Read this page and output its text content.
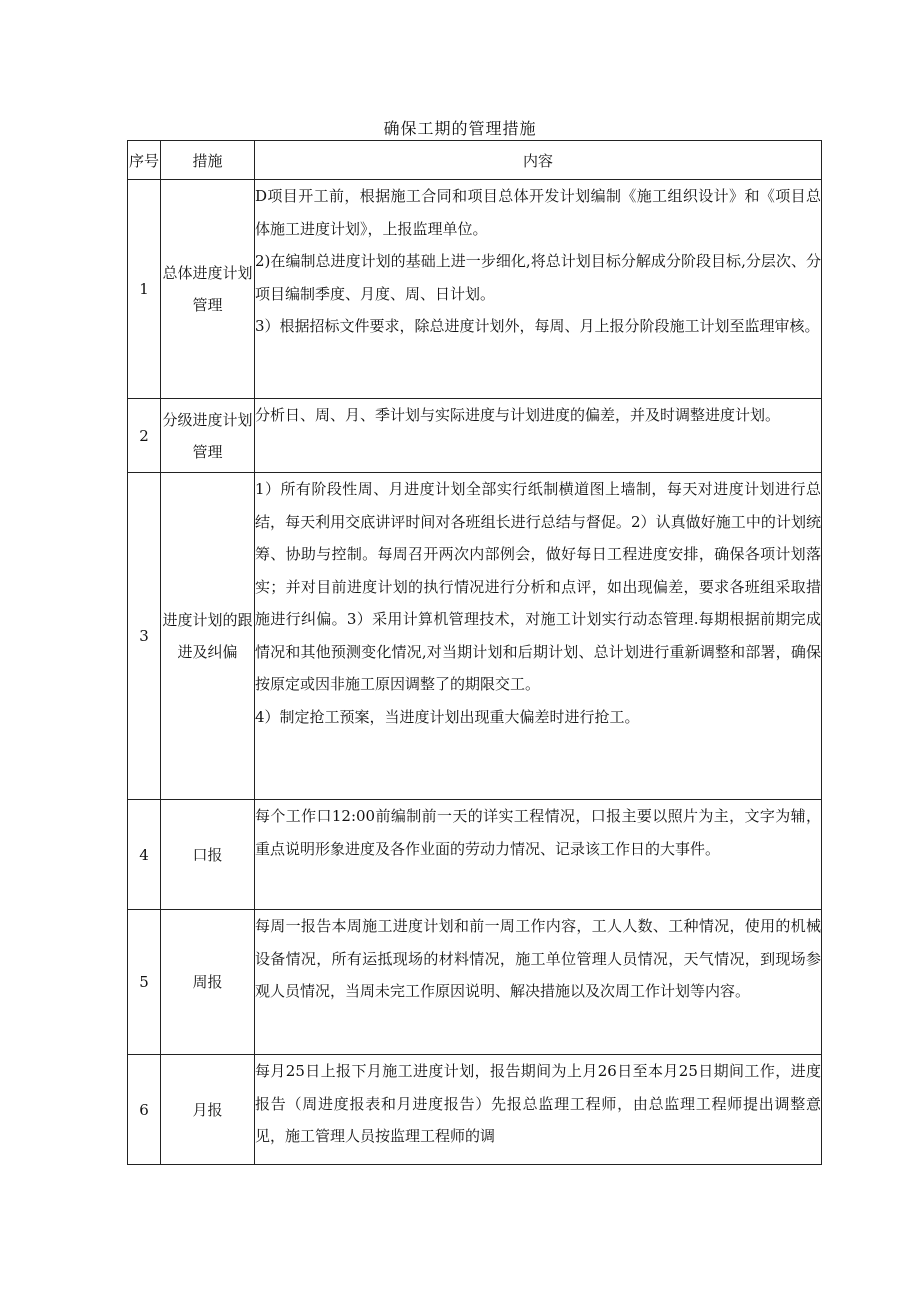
确保工期的管理措施
序号	措施	内容
1	总体进度计划管理	D项目开工前，根据施工合同和项目总体开发计划编制《施工组织设计》和《项目总体施工进度计划》，上报监理单位。

2)在编制总进度计划的基础上进一步细化,将总计划目标分解成分阶段目标,分层次、分项目编制季度、月度、周、日计划。

3）根据招标文件要求，除总进度计划外，每周、月上报分阶段施工计划至监理审核。

2	分级进度计划管理	分析日、周、月、季计划与实际进度与计划进度的偏差，并及时调整进度计划。

3	进度计划的跟进及纠偏	1）所有阶段性周、月进度计划全部实行纸制横道图上墙制，每天对进度计划进行总结，每天利用交底讲评时间对各班组长进行总结与督促。2）认真做好施工中的计划统筹、协助与控制。每周召开两次内部例会，做好每日工程进度安排，确保各项计划落实；并对目前进度计划的执行情况进行分析和点评，如出现偏差，要求各班组采取措施进行纠偏。3）采用计算机管理技术，对施工计划实行动态管理.每期根据前期完成情况和其他预测变化情况,对当期计划和后期计划、总计划进行重新调整和部署，确保按原定或因非施工原因调整了的期限交工。

4）制定抢工预案，当进度计划出现重大偏差时进行抢工。

4	口报	每个工作口12:00前编制前一天的详实工程情况，口报主要以照片为主，文字为辅，重点说明形象进度及各作业面的劳动力情况、记录该工作日的大事件。

5	周报	每周一报告本周施工进度计划和前一周工作内容，工人人数、工种情况，使用的机械设备情况，所有运抵现场的材料情况，施工单位管理人员情况，天气情况，到现场参观人员情况，当周未完工作原因说明、解决措施以及次周工作计划等内容。

6	月报	每月25日上报下月施工进度计划，报告期间为上月26日至本月25日期间工作，进度报告（周进度报表和月进度报告）先报总监理工程师，由总监理工程师提出调整意见，施工管理人员按监理工程师的调
